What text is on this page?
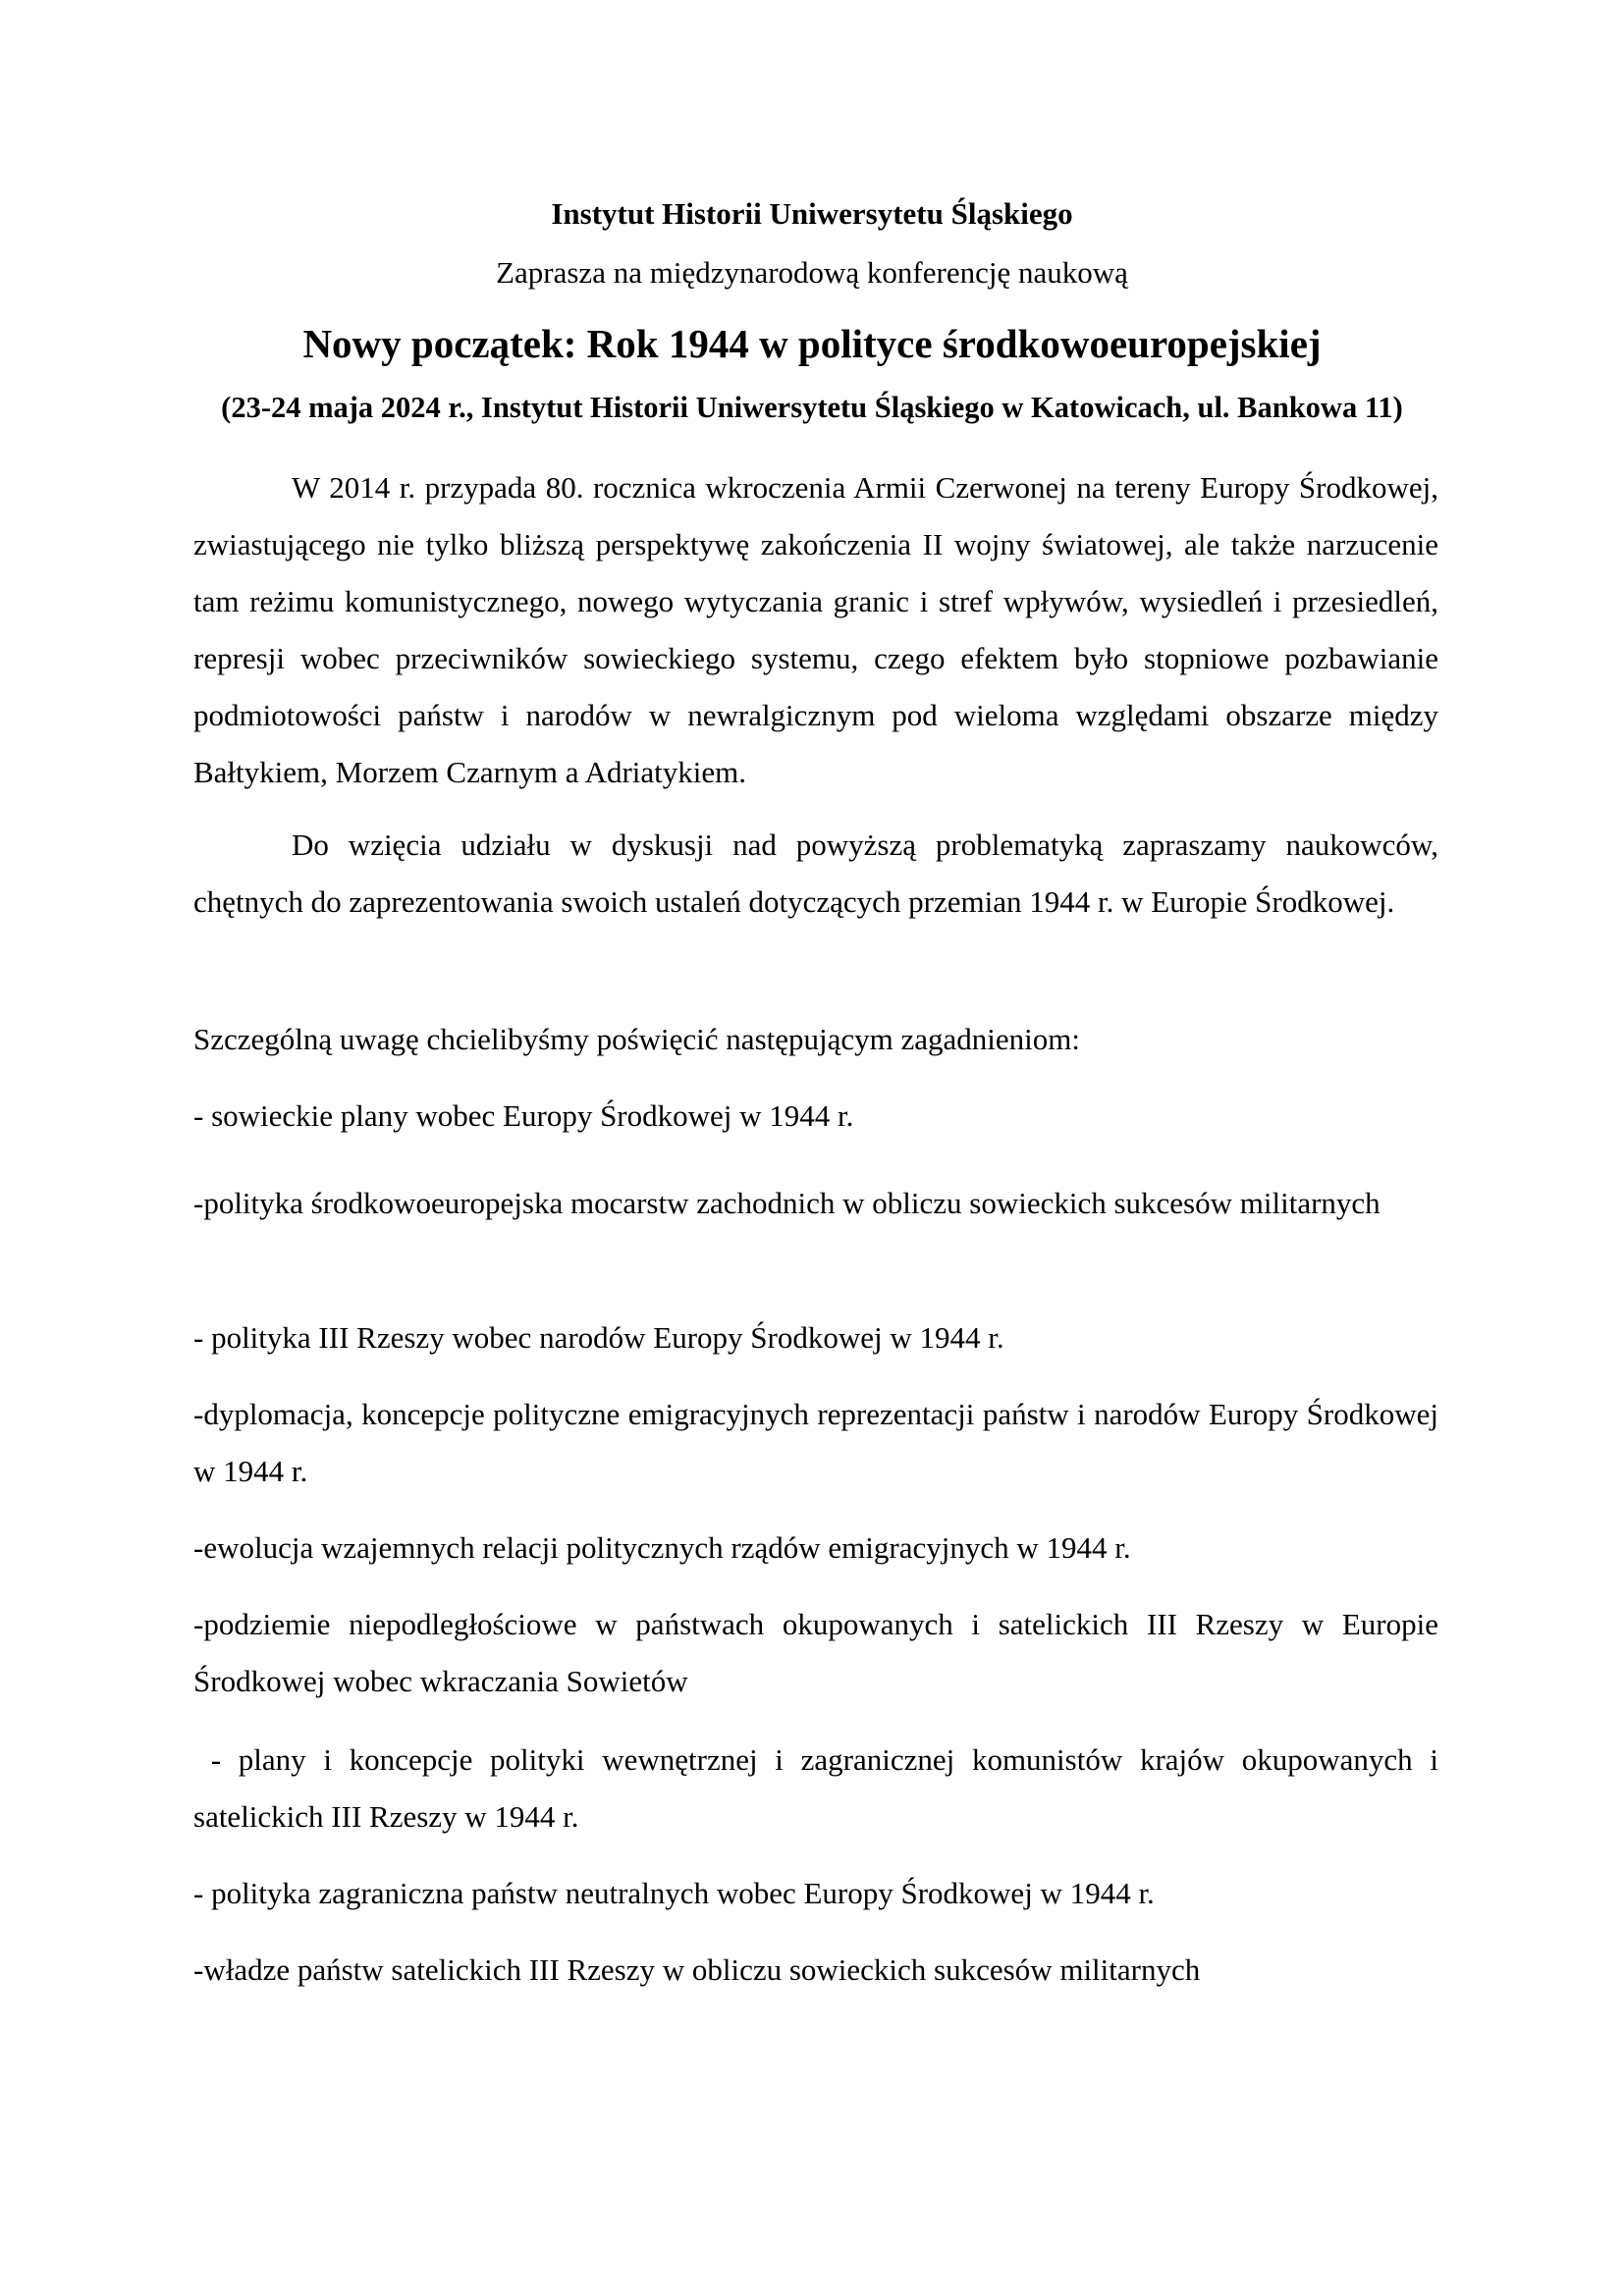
Instytut Historii Uniwersytetu Śląskiego
Zaprasza na międzynarodową konferencję naukową
Nowy początek: Rok 1944 w polityce środkowoeuropejskiej
(23-24 maja 2024 r., Instytut Historii Uniwersytetu Śląskiego w Katowicach, ul. Bankowa 11)

W 2014 r. przypada 80. rocznica wkroczenia Armii Czerwonej na tereny Europy Środkowej, zwiastującego nie tylko bliższą perspektywę zakończenia II wojny światowej, ale także narzucenie tam reżimu komunistycznego, nowego wytyczania granic i stref wpływów, wysiedleń i przesiedleń, represji wobec przeciwników sowieckiego systemu, czego efektem było stopniowe pozbawianie podmiotowości państw i narodów w newralgicznym pod wieloma względami obszarze między Bałtykiem, Morzem Czarnym a Adriatykiem.

Do wzięcia udziału w dyskusji nad powyższą problematyką zapraszamy naukowców, chętnych do zaprezentowania swoich ustaleń dotyczących przemian 1944 r. w Europie Środkowej.

Szczególną uwagę chcielibyśmy poświęcić następującym zagadnieniom:

- sowieckie plany wobec Europy Środkowej w 1944 r.

-polityka środkowoeuropejska mocarstw zachodnich w obliczu sowieckich sukcesów militarnych

- polityka III Rzeszy wobec narodów Europy Środkowej w 1944 r.

-dyplomacja, koncepcje polityczne emigracyjnych reprezentacji państw i narodów Europy Środkowej w 1944 r.

-ewolucja wzajemnych relacji politycznych rządów emigracyjnych w 1944 r.

-podziemie niepodległościowe w państwach okupowanych i satelickich III Rzeszy w Europie Środkowej wobec wkraczania Sowietów

- plany i koncepcje polityki wewnętrznej i zagranicznej komunistów krajów okupowanych i satelickich III Rzeszy w 1944 r.

- polityka zagraniczna państw neutralnych wobec Europy Środkowej w 1944 r.

-władze państw satelickich III Rzeszy w obliczu sowieckich sukcesów militarnych
